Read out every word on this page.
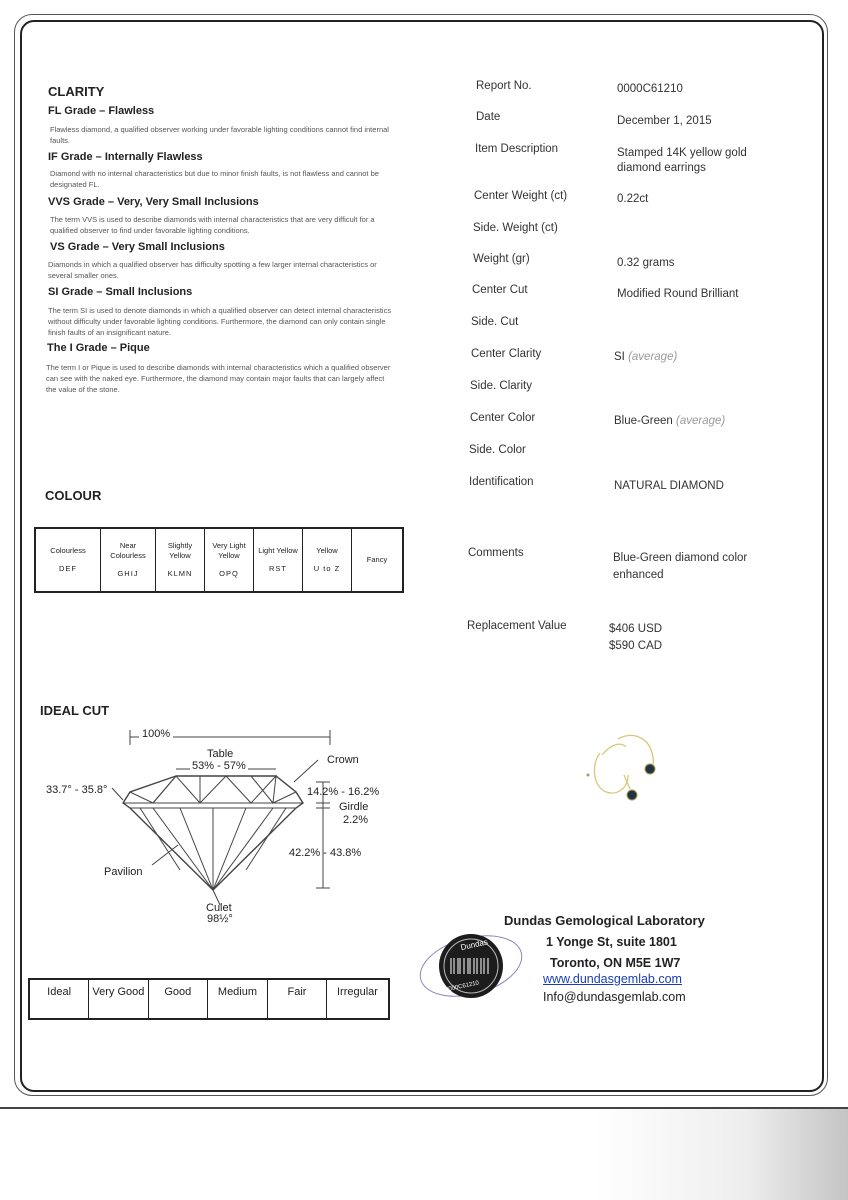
CLARITY
FL Grade – Flawless
Flawless diamond, a qualified observer working under favorable lighting conditions cannot find internal faults.
IF Grade – Internally Flawless
Diamond with no internal characteristics but due to minor finish faults, is not flawless and cannot be designated FL.
VVS Grade – Very, Very Small Inclusions
The term VVS is used to describe diamonds with internal characteristics that are very difficult for a qualified observer to find under favorable lighting conditions.
VS Grade – Very Small Inclusions
Diamonds in which a qualified observer has difficulty spotting a few larger internal characteristics or several smaller ones.
SI Grade – Small Inclusions
The term SI is used to denote diamonds in which a qualified observer can detect internal characteristics without difficulty under favorable lighting conditions. Furthermore, the diamond can only contain single finish faults of an insignificant nature.
The I Grade – Pique
The term I or Pique is used to describe diamonds with internal characteristics which a qualified observer can see with the naked eye. Furthermore, the diamond may contain major faults that can largely affect the value of the stone.
COLOUR
Colourless
DEF

Near Colourless
GHIJ

Slightly Yellow
KLMN

Very Light Yellow
OPQ

Light Yellow
RST

Yellow
U to Z
	Fancy
IDEAL CUT
100%
Table
53% - 57%	Crown
33.7° - 35.8°	14.2% - 16.2%
Girdle
2.2%
42.2% - 43.8%
Pavilion
Culet
98½°
Ideal	Very Good	Good	Medium	Fair	Irregular
Report No.	0000C61210
Date	December 1, 2015
Item Description	Stamped 14K yellow gold diamond earrings
Center Weight (ct)	0.22ct
Side. Weight (ct)
Weight (gr)	0.32 grams
Center Cut	Modified Round Brilliant
Side. Cut
Center Clarity	SI (average)
Side. Clarity
Center Color	Blue-Green (average)
Side. Color
Identification	NATURAL DIAMOND
Comments	Blue-Green diamond color enhanced
Replacement Value	$406 USD
$590 CAD
Dundas
0000C61210
Dundas Gemological Laboratory
1 Yonge St, suite 1801
Toronto, ON M5E 1W7
www.dundasgemlab.com
Info@dundasgemlab.com
